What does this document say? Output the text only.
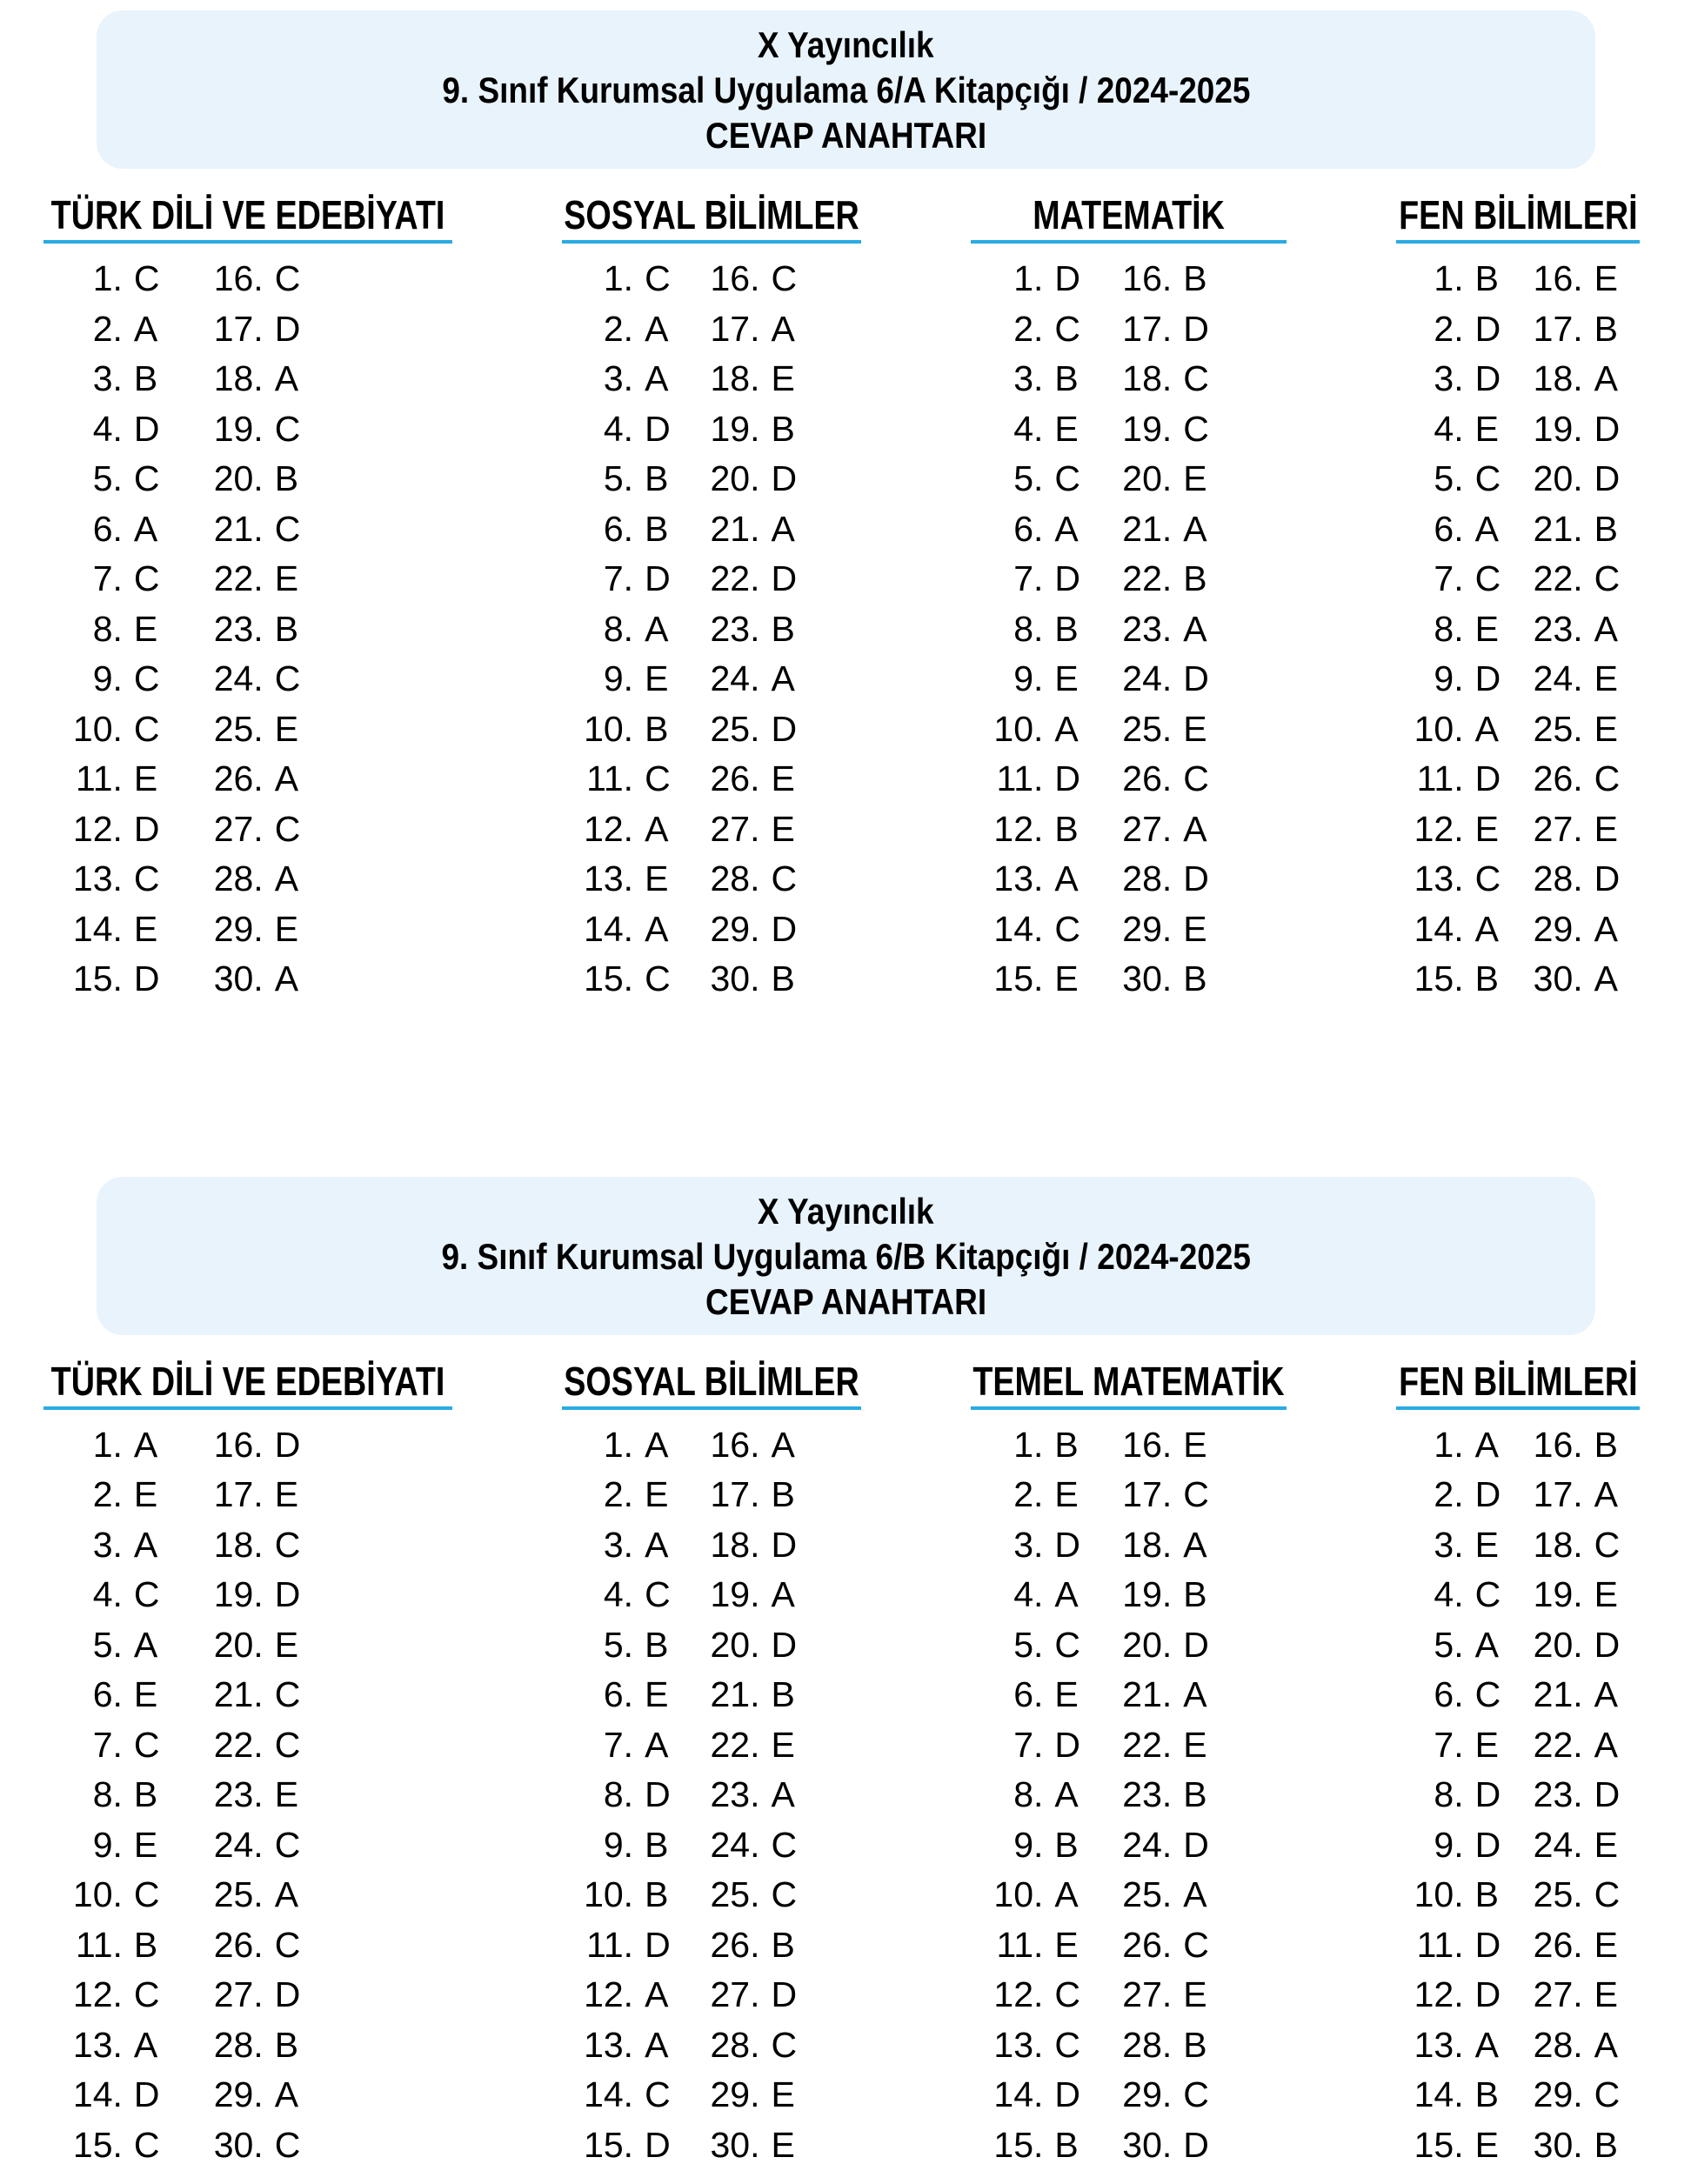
X Yayıncılık
9. Sınıf Kurumsal Uygulama 6/A Kitapçığı / 2024-2025
CEVAP ANAHTARI
TÜRK DİLİ VE EDEBİYATI
1. C
2. A
3. B
4. D
5. C
6. A
7. C
8. E
9. C
10. C
11. E
12. D
13. C
14. E
15. D
16. C
17. D
18. A
19. C
20. B
21. C
22. E
23. B
24. C
25. E
26. A
27. C
28. A
29. E
30. A
SOSYAL BİLİMLER
1. C
2. A
3. A
4. D
5. B
6. B
7. D
8. A
9. E
10. B
11. C
12. A
13. E
14. A
15. C
16. C
17. A
18. E
19. B
20. D
21. A
22. D
23. B
24. A
25. D
26. E
27. E
28. C
29. D
30. B
MATEMATİK
1. D
2. C
3. B
4. E
5. C
6. A
7. D
8. B
9. E
10. A
11. D
12. B
13. A
14. C
15. E
16. B
17. D
18. C
19. C
20. E
21. A
22. B
23. A
24. D
25. E
26. C
27. A
28. D
29. E
30. B
FEN BİLİMLERİ
1. B
2. D
3. D
4. E
5. C
6. A
7. C
8. E
9. D
10. A
11. D
12. E
13. C
14. A
15. B
16. E
17. B
18. A
19. D
20. D
21. B
22. C
23. A
24. E
25. E
26. C
27. E
28. D
29. A
30. A
X Yayıncılık
9. Sınıf Kurumsal Uygulama 6/B Kitapçığı / 2024-2025
CEVAP ANAHTARI
TÜRK DİLİ VE EDEBİYATI
1. A
2. E
3. A
4. C
5. A
6. E
7. C
8. B
9. E
10. C
11. B
12. C
13. A
14. D
15. C
16. D
17. E
18. C
19. D
20. E
21. C
22. C
23. E
24. C
25. A
26. C
27. D
28. B
29. A
30. C
SOSYAL BİLİMLER
1. A
2. E
3. A
4. C
5. B
6. E
7. A
8. D
9. B
10. B
11. D
12. A
13. A
14. C
15. D
16. A
17. B
18. D
19. A
20. D
21. B
22. E
23. A
24. C
25. C
26. B
27. D
28. C
29. E
30. E
TEMEL MATEMATİK
1. B
2. E
3. D
4. A
5. C
6. E
7. D
8. A
9. B
10. A
11. E
12. C
13. C
14. D
15. B
16. E
17. C
18. A
19. B
20. D
21. A
22. E
23. B
24. D
25. A
26. C
27. E
28. B
29. C
30. D
FEN BİLİMLERİ
1. A
2. D
3. E
4. C
5. A
6. C
7. E
8. D
9. D
10. B
11. D
12. D
13. A
14. B
15. E
16. B
17. A
18. C
19. E
20. D
21. A
22. A
23. D
24. E
25. C
26. E
27. E
28. A
29. C
30. B
